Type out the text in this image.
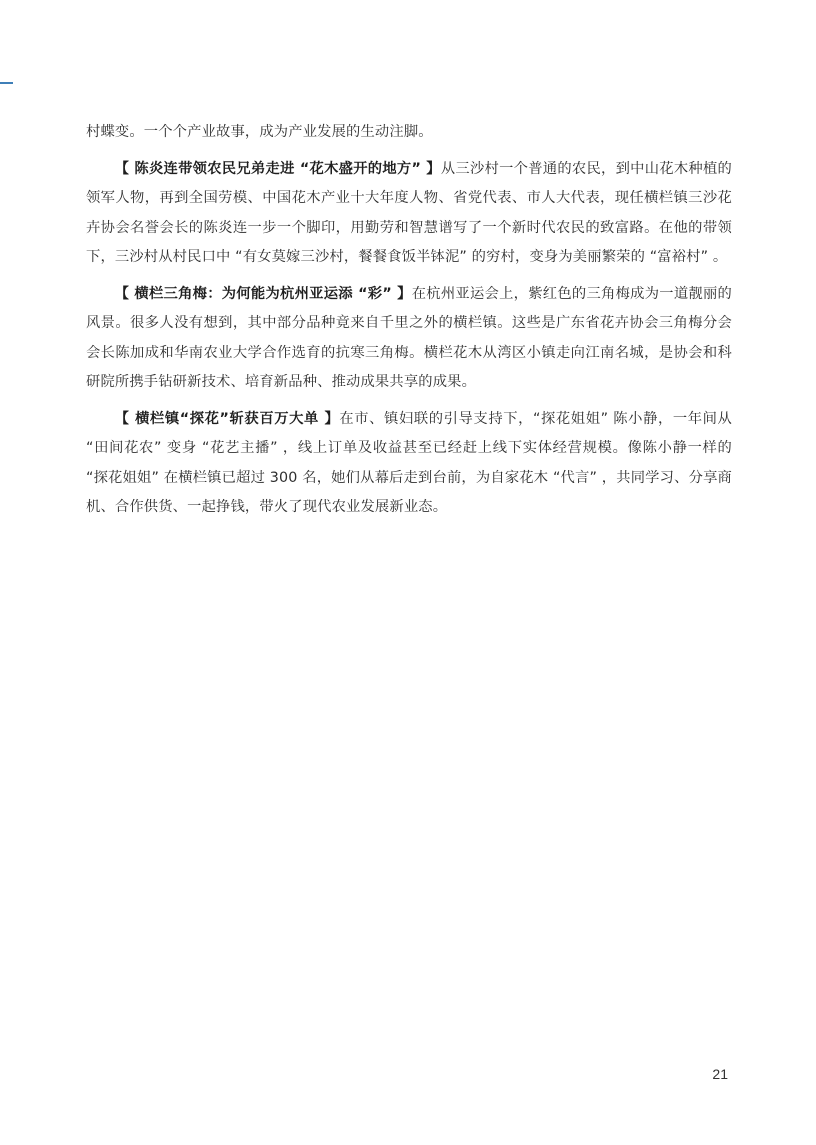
村蝶变。一个个产业故事，成为产业发展的生动注脚。

【 陈炎连带领农民兄弟走进 “花木盛开的地方” 】从三沙村一个普通的农民，到中山花木种植的领军人物，再到全国劳模、中国花木产业十大年度人物、省党代表、市人大代表，现任横栏镇三沙花卉协会名誉会长的陈炎连一步一个脚印，用勤劳和智慧谱写了一个新时代农民的致富路。在他的带领下，三沙村从村民口中 “有女莫嫁三沙村，餐餐食饭半钵泥” 的穷村，变身为美丽繁荣的 “富裕村” 。

【 横栏三角梅：为何能为杭州亚运添 “彩” 】在杭州亚运会上，紫红色的三角梅成为一道靓丽的风景。很多人没有想到，其中部分品种竟来自千里之外的横栏镇。这些是广东省花卉协会三角梅分会会长陈加成和华南农业大学合作选育的抗寒三角梅。横栏花木从湾区小镇走向江南名城，是协会和科研院所携手钻研新技术、培育新品种、推动成果共享的成果。

【 横栏镇“探花”斩获百万大单 】在市、镇妇联的引导支持下，“探花姐姐” 陈小静，一年间从 “田间花农” 变身 “花艺主播” ，线上订单及收益甚至已经赶上线下实体经营规模。像陈小静一样的 “探花姐姐” 在横栏镇已超过 300 名，她们从幕后走到台前，为自家花木 “代言” ，共同学习、分享商机、合作供货、一起挣钱，带火了现代农业发展新业态。

21
